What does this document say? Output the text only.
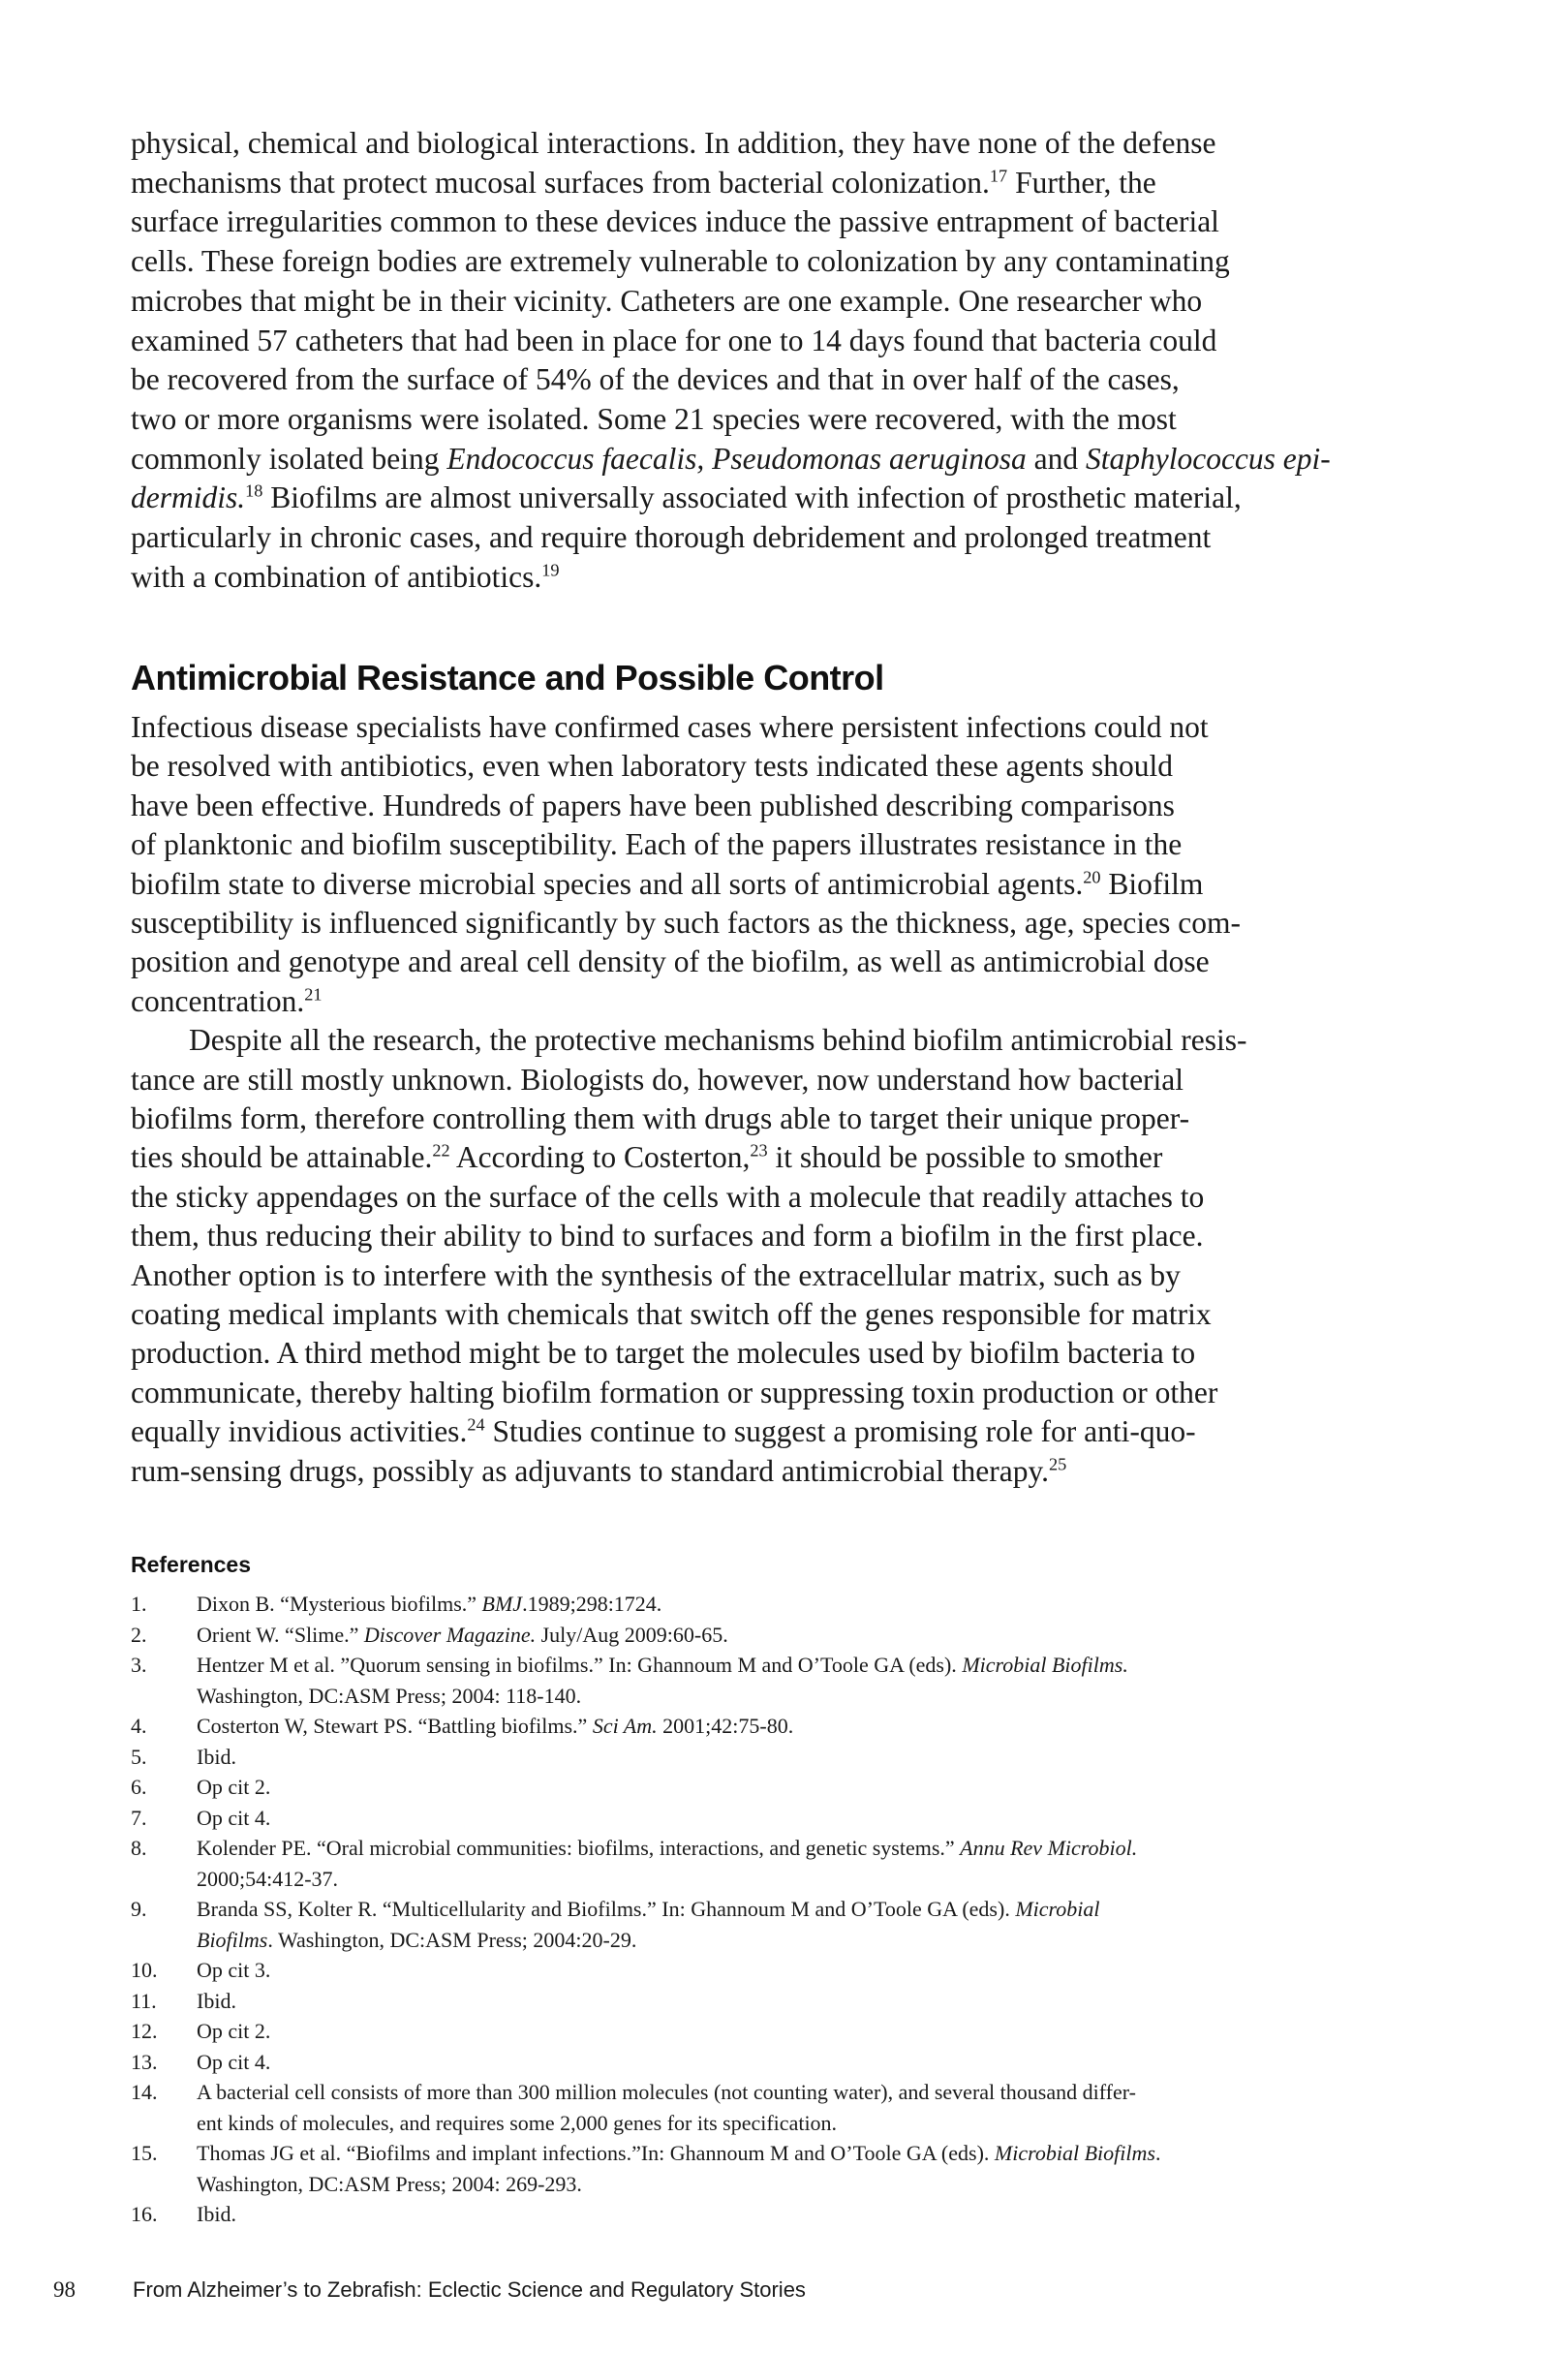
physical, chemical and biological interactions. In addition, they have none of the defense
mechanisms that protect mucosal surfaces from bacterial colonization.$^{17}$ Further, the
surface irregularities common to these devices induce the passive entrapment of bacterial
cells. These foreign bodies are extremely vulnerable to colonization by any contaminating
microbes that might be in their vicinity. Catheters are one example. One researcher who
examined 57 catheters that had been in place for one to 14 days found that bacteria could
be recovered from the surface of 54% of the devices and that in over half of the cases,
two or more organisms were isolated. Some 21 species were recovered, with the most
commonly isolated being Endococcus faecalis, Pseudomonas aeruginosa and Staphylococcus epi-
dermidis.$^{18}$ Biofilms are almost universally associated with infection of prosthetic material,
particularly in chronic cases, and require thorough debridement and prolonged treatment
with a combination of antibiotics.$^{19}$
Antimicrobial Resistance and Possible Control
Infectious disease specialists have confirmed cases where persistent infections could not
be resolved with antibiotics, even when laboratory tests indicated these agents should
have been effective. Hundreds of papers have been published describing comparisons
of planktonic and biofilm susceptibility. Each of the papers illustrates resistance in the
biofilm state to diverse microbial species and all sorts of antimicrobial agents.$^{20}$ Biofilm
susceptibility is influenced significantly by such factors as the thickness, age, species com-
position and genotype and areal cell density of the biofilm, as well as antimicrobial dose
concentration.$^{21}$
Despite all the research, the protective mechanisms behind biofilm antimicrobial resis-
tance are still mostly unknown. Biologists do, however, now understand how bacterial
biofilms form, therefore controlling them with drugs able to target their unique proper-
ties should be attainable.$^{22}$ According to Costerton,$^{23}$ it should be possible to smother
the sticky appendages on the surface of the cells with a molecule that readily attaches to
them, thus reducing their ability to bind to surfaces and form a biofilm in the first place.
Another option is to interfere with the synthesis of the extracellular matrix, such as by
coating medical implants with chemicals that switch off the genes responsible for matrix
production. A third method might be to target the molecules used by biofilm bacteria to
communicate, thereby halting biofilm formation or suppressing toxin production or other
equally invidious activities.$^{24}$ Studies continue to suggest a promising role for anti-quo-
rum-sensing drugs, possibly as adjuvants to standard antimicrobial therapy.$^{25}$
References
1. Dixon B. “Mysterious biofilms.” BMJ.1989;298:1724.
2. Orient W. “Slime.” Discover Magazine. July/Aug 2009:60-65.
3. Hentzer M et al. ”Quorum sensing in biofilms.” In: Ghannoum M and O’Toole GA (eds). Microbial Biofilms.
Washington, DC:ASM Press; 2004: 118-140.
4. Costerton W, Stewart PS. “Battling biofilms.” Sci Am. 2001;42:75-80.
5. Ibid.
6. Op cit 2.
7. Op cit 4.
8. Kolender PE. “Oral microbial communities: biofilms, interactions, and genetic systems.” Annu Rev Microbiol.
2000;54:412-37.
9. Branda SS, Kolter R. “Multicellularity and Biofilms.” In: Ghannoum M and O’Toole GA (eds). Microbial
Biofilms. Washington, DC:ASM Press; 2004:20-29.
10. Op cit 3.
11. Ibid.
12. Op cit 2.
13. Op cit 4.
14. A bacterial cell consists of more than 300 million molecules (not counting water), and several thousand differ-
ent kinds of molecules, and requires some 2,000 genes for its specification.
15. Thomas JG et al. “Biofilms and implant infections.”In: Ghannoum M and O’Toole GA (eds). Microbial Biofilms.
Washington, DC:ASM Press; 2004: 269-293.
16. Ibid.
98	From Alzheimer’s to Zebrafish: Eclectic Science and Regulatory Stories
